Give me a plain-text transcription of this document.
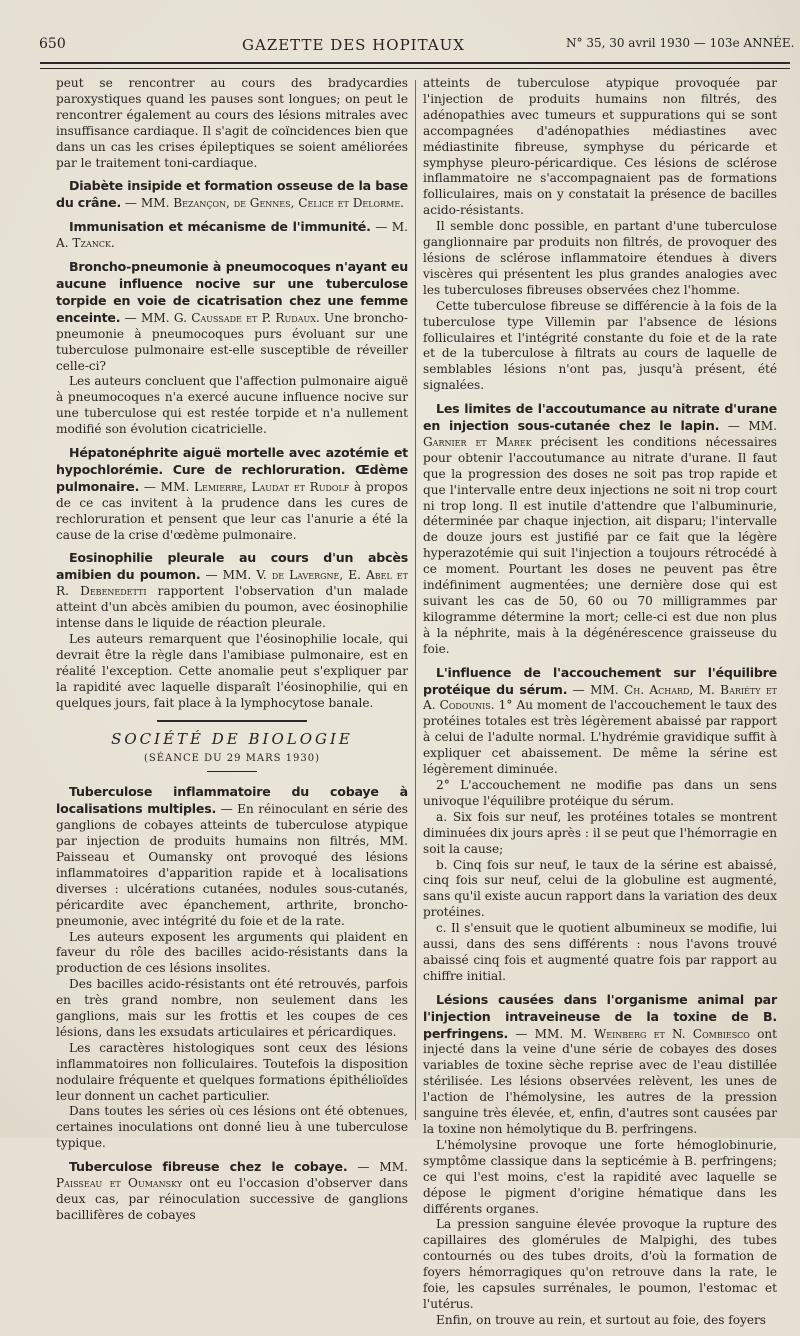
650	GAZETTE DES HOPITAUX	N° 35, 30 avril 1930 — 103e ANNÉE.

peut se rencontrer au cours des bradycardies paroxystiques quand les pauses sont longues; on peut le rencontrer également au cours des lésions mitrales avec insuffisance cardiaque. Il s'agit de coïncidences bien que dans un cas les crises épileptiques se soient améliorées par le traitement toni-cardiaque.

Diabète insipide et formation osseuse de la base du crâne. — MM. Bezançon, de Gennes, Celice et Delorme.

Immunisation et mécanisme de l'immunité. — M. A. Tzanck.

Broncho-pneumonie à pneumocoques n'ayant eu aucune influence nocive sur une tuberculose torpide en voie de cicatrisation chez une femme enceinte. — MM. G. Caussade et P. Rudaux. Une broncho-pneumonie à pneumocoques purs évoluant sur une tuberculose pulmonaire est-elle susceptible de réveiller celle-ci?

Les auteurs concluent que l'affection pulmonaire aiguë à pneumocoques n'a exercé aucune influence nocive sur une tuberculose qui est restée torpide et n'a nullement modifié son évolution cicatricielle.

Hépatonéphrite aiguë mortelle avec azotémie et hypochlorémie. Cure de rechloruration. Œdème pulmonaire. — MM. Lemierre, Laudat et Rudolf à propos de ce cas invitent à la prudence dans les cures de rechloruration et pensent que leur cas l'anurie a été la cause de la crise d'œdème pulmonaire.

Eosinophilie pleurale au cours d'un abcès amibien du poumon. — MM. V. de Lavergne, E. Abel et R. Debenedetti rapportent l'observation d'un malade atteint d'un abcès amibien du poumon, avec éosinophilie intense dans le liquide de réaction pleurale.

Les auteurs remarquent que l'éosinophilie locale, qui devrait être la règle dans l'amibiase pulmonaire, est en réalité l'exception. Cette anomalie peut s'expliquer par la rapidité avec laquelle disparaît l'éosinophilie, qui en quelques jours, fait place à la lymphocytose banale.

SOCIÉTÉ DE BIOLOGIE
(SÉANCE DU 29 MARS 1930)

Tuberculose inflammatoire du cobaye à localisations multiples. — En réinoculant en série des ganglions de cobayes atteints de tuberculose atypique par injection de produits humains non filtrés, MM. Paisseau et Oumansky ont provoqué des lésions inflammatoires d'apparition rapide et à localisations diverses : ulcérations cutanées, nodules sous-cutanés, péricardite avec épanchement, arthrite, broncho-pneumonie, avec intégrité du foie et de la rate.

Les auteurs exposent les arguments qui plaident en faveur du rôle des bacilles acido-résistants dans la production de ces lésions insolites.

Des bacilles acido-résistants ont été retrouvés, parfois en très grand nombre, non seulement dans les ganglions, mais sur les frottis et les coupes de ces lésions, dans les exsudats articulaires et péricardiques.

Les caractères histologiques sont ceux des lésions inflammatoires non folliculaires. Toutefois la disposition nodulaire fréquente et quelques formations épithélioïdes leur donnent un cachet particulier.

Dans toutes les séries où ces lésions ont été obtenues, certaines inoculations ont donné lieu à une tuberculose typique.

Tuberculose fibreuse chez le cobaye. — MM. Paisseau et Oumansky ont eu l'occasion d'observer dans deux cas, par réinoculation successive de ganglions bacillifères de cobayes

atteints de tuberculose atypique provoquée par l'injection de produits humains non filtrés, des adénopathies avec tumeurs et suppurations qui se sont accompagnées d'adénopathies médiastines avec médiastinite fibreuse, symphyse du péricarde et symphyse pleuro-péricardique. Ces lésions de sclérose inflammatoire ne s'accompagnaient pas de formations folliculaires, mais on y constatait la présence de bacilles acido-résistants.

Il semble donc possible, en partant d'une tuberculose ganglionnaire par produits non filtrés, de provoquer des lésions de sclérose inflammatoire étendues à divers viscères qui présentent les plus grandes analogies avec les tuberculoses fibreuses observées chez l'homme.

Cette tuberculose fibreuse se différencie à la fois de la tuberculose type Villemin par l'absence de lésions folliculaires et l'intégrité constante du foie et de la rate et de la tuberculose à filtrats au cours de laquelle de semblables lésions n'ont pas, jusqu'à présent, été signalées.

Les limites de l'accoutumance au nitrate d'urane en injection sous-cutanée chez le lapin. — MM. Garnier et Marek précisent les conditions nécessaires pour obtenir l'accoutumance au nitrate d'urane. Il faut que la progression des doses ne soit pas trop rapide et que l'intervalle entre deux injections ne soit ni trop court ni trop long. Il est inutile d'attendre que l'albuminurie, déterminée par chaque injection, ait disparu; l'intervalle de douze jours est justifié par ce fait que la légère hyperazotémie qui suit l'injection a toujours rétrocédé à ce moment. Pourtant les doses ne peuvent pas être indéfiniment augmentées; une dernière dose qui est suivant les cas de 50, 60 ou 70 milligrammes par kilogramme détermine la mort; celle-ci est due non plus à la néphrite, mais à la dégénérescence graisseuse du foie.

L'influence de l'accouchement sur l'équilibre protéique du sérum. — MM. Ch. Achard, M. Bariéty et A. Codounis. 1° Au moment de l'accouchement le taux des protéines totales est très légèrement abaissé par rapport à celui de l'adulte normal. L'hydrémie gravidique suffit à expliquer cet abaissement. De même la sérine est légèrement diminuée.

2° L'accouchement ne modifie pas dans un sens univoque l'équilibre protéique du sérum.

a. Six fois sur neuf, les protéines totales se montrent diminuées dix jours après : il se peut que l'hémorragie en soit la cause;

b. Cinq fois sur neuf, le taux de la sérine est abaissé, cinq fois sur neuf, celui de la globuline est augmenté, sans qu'il existe aucun rapport dans la variation des deux protéines.

c. Il s'ensuit que le quotient albumineux se modifie, lui aussi, dans des sens différents : nous l'avons trouvé abaissé cinq fois et augmenté quatre fois par rapport au chiffre initial.

Lésions causées dans l'organisme animal par l'injection intraveineuse de la toxine de B. perfringens. — MM. M. Weinberg et N. Combiesco ont injecté dans la veine d'une série de cobayes des doses variables de toxine sèche reprise avec de l'eau distillée stérilisée. Les lésions observées relèvent, les unes de l'action de l'hémolysine, les autres de la pression sanguine très élevée, et, enfin, d'autres sont causées par la toxine non hémolytique du B. perfringens.

L'hémolysine provoque une forte hémoglobinurie, symptôme classique dans la septicémie à B. perfringens; ce qui l'est moins, c'est la rapidité avec laquelle se dépose le pigment d'origine hématique dans les différents organes.

La pression sanguine élevée provoque la rupture des capillaires des glomérules de Malpighi, des tubes contournés ou des tubes droits, d'où la formation de foyers hémorragiques qu'on retrouve dans la rate, le foie, les capsules surrénales, le poumon, l'estomac et l'utérus.

Enfin, on trouve au rein, et surtout au foie, des foyers
